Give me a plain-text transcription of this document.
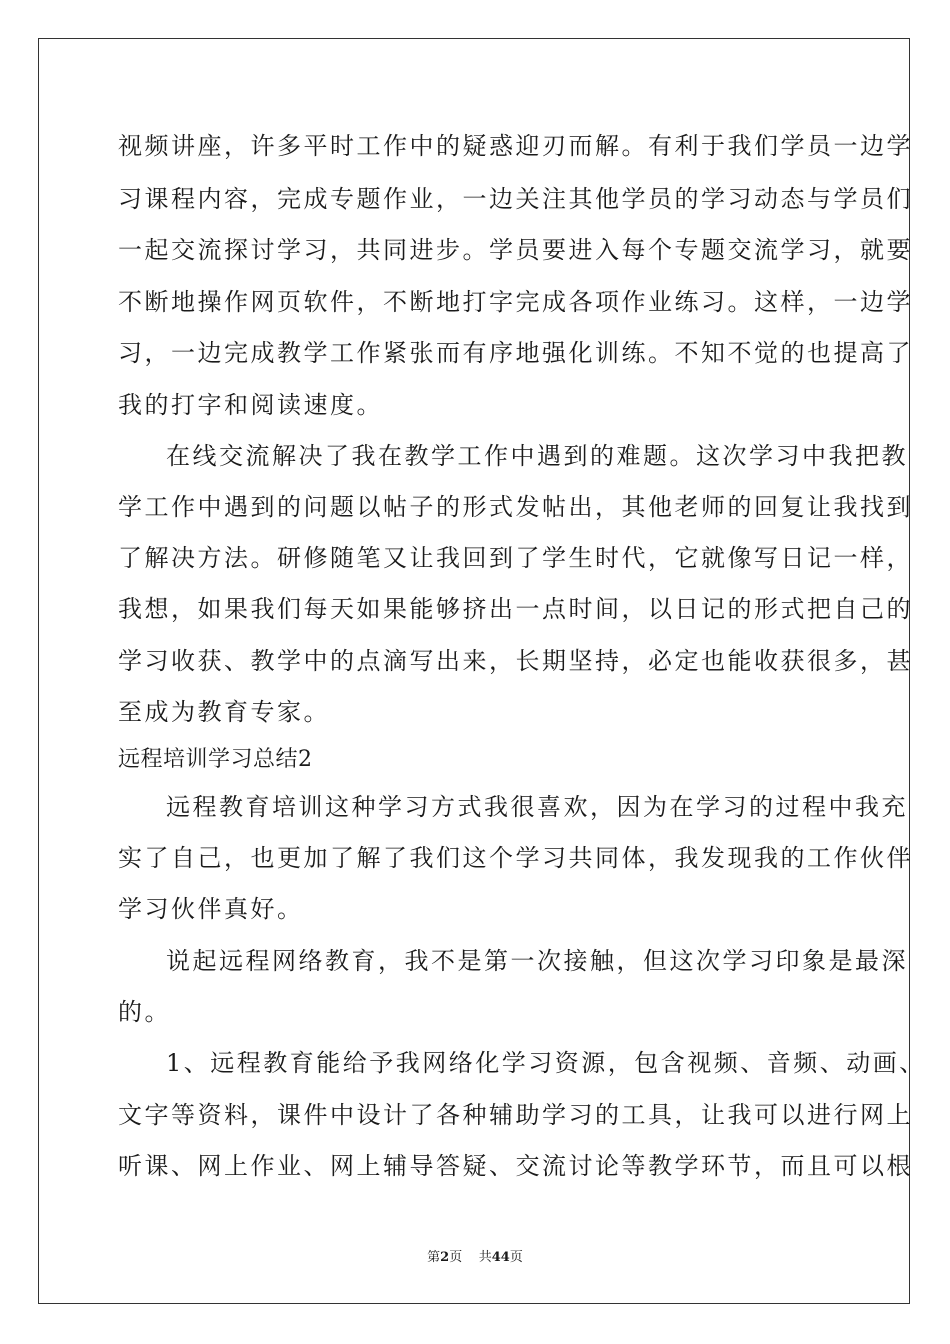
视频讲座，许多平时工作中的疑惑迎刃而解。有利于我们学员一边学
习课程内容，完成专题作业，一边关注其他学员的学习动态与学员们
一起交流探讨学习，共同进步。学员要进入每个专题交流学习，就要
不断地操作网页软件，不断地打字完成各项作业练习。这样，一边学
习，一边完成教学工作紧张而有序地强化训练。不知不觉的也提高了
我的打字和阅读速度。
在线交流解决了我在教学工作中遇到的难题。这次学习中我把教
学工作中遇到的问题以帖子的形式发帖出，其他老师的回复让我找到
了解决方法。研修随笔又让我回到了学生时代，它就像写日记一样，
我想，如果我们每天如果能够挤出一点时间，以日记的形式把自己的
学习收获、教学中的点滴写出来，长期坚持，必定也能收获很多，甚
至成为教育专家。
远程培训学习总结2
远程教育培训这种学习方式我很喜欢，因为在学习的过程中我充
实了自己，也更加了解了我们这个学习共同体，我发现我的工作伙伴
学习伙伴真好。
说起远程网络教育，我不是第一次接触，但这次学习印象是最深
的。
1、远程教育能给予我网络化学习资源，包含视频、音频、动画、
文字等资料，课件中设计了各种辅助学习的工具，让我可以进行网上
听课、网上作业、网上辅导答疑、交流讨论等教学环节，而且可以根
第2页 共44页
